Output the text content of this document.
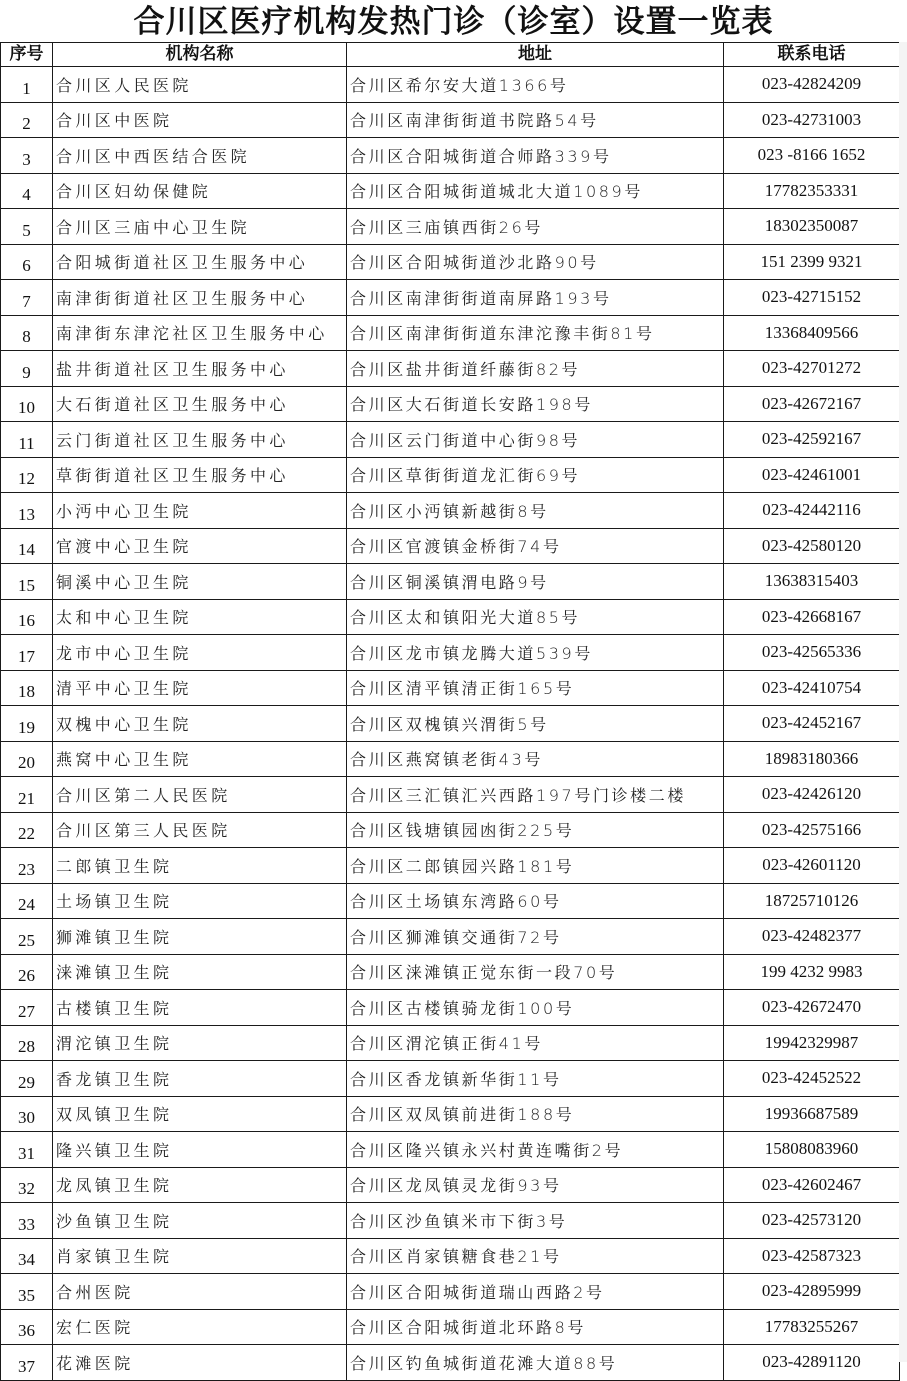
合川区医疗机构发热门诊（诊室）设置一览表
序号	机构名称	地址	联系电话
1	合川区人民医院	合川区希尔安大道1366号	023-42824209
2	合川区中医院	合川区南津街街道书院路54号	023-42731003
3	合川区中西医结合医院	合川区合阳城街道合师路339号	023 -8166 1652
4	合川区妇幼保健院	合川区合阳城街道城北大道1089号	17782353331
5	合川区三庙中心卫生院	合川区三庙镇西街26号	18302350087
6	合阳城街道社区卫生服务中心	合川区合阳城街道沙北路90号	151 2399 9321
7	南津街街道社区卫生服务中心	合川区南津街街道南屏路193号	023-42715152
8	南津街东津沱社区卫生服务中心	合川区南津街街道东津沱豫丰街81号	13368409566
9	盐井街道社区卫生服务中心	合川区盐井街道纤藤街82号	023-42701272
10	大石街道社区卫生服务中心	合川区大石街道长安路198号	023-42672167
11	云门街道社区卫生服务中心	合川区云门街道中心街98号	023-42592167
12	草街街道社区卫生服务中心	合川区草街街道龙汇街69号	023-42461001
13	小沔中心卫生院	合川区小沔镇新越街8号	023-42442116
14	官渡中心卫生院	合川区官渡镇金桥街74号	023-42580120
15	铜溪中心卫生院	合川区铜溪镇渭电路9号	13638315403
16	太和中心卫生院	合川区太和镇阳光大道85号	023-42668167
17	龙市中心卫生院	合川区龙市镇龙腾大道539号	023-42565336
18	清平中心卫生院	合川区清平镇清正街165号	023-42410754
19	双槐中心卫生院	合川区双槐镇兴渭街5号	023-42452167
20	燕窝中心卫生院	合川区燕窝镇老街43号	18983180366
21	合川区第二人民医院	合川区三汇镇汇兴西路197号门诊楼二楼	023-42426120
22	合川区第三人民医院	合川区钱塘镇园凼街225号	023-42575166
23	二郎镇卫生院	合川区二郎镇园兴路181号	023-42601120
24	土场镇卫生院	合川区土场镇东湾路60号	18725710126
25	狮滩镇卫生院	合川区狮滩镇交通街72号	023-42482377
26	涞滩镇卫生院	合川区涞滩镇正觉东街一段70号	199 4232 9983
27	古楼镇卫生院	合川区古楼镇骑龙街100号	023-42672470
28	渭沱镇卫生院	合川区渭沱镇正街41号	19942329987
29	香龙镇卫生院	合川区香龙镇新华街11号	023-42452522
30	双凤镇卫生院	合川区双凤镇前进街188号	19936687589
31	隆兴镇卫生院	合川区隆兴镇永兴村黄连嘴街2号	15808083960
32	龙凤镇卫生院	合川区龙凤镇灵龙街93号	023-42602467
33	沙鱼镇卫生院	合川区沙鱼镇米市下街3号	023-42573120
34	肖家镇卫生院	合川区肖家镇糖食巷21号	023-42587323
35	合州医院	合川区合阳城街道瑞山西路2号	023-42895999
36	宏仁医院	合川区合阳城街道北环路8号	17783255267
37	花滩医院	合川区钓鱼城街道花滩大道88号	023-42891120
